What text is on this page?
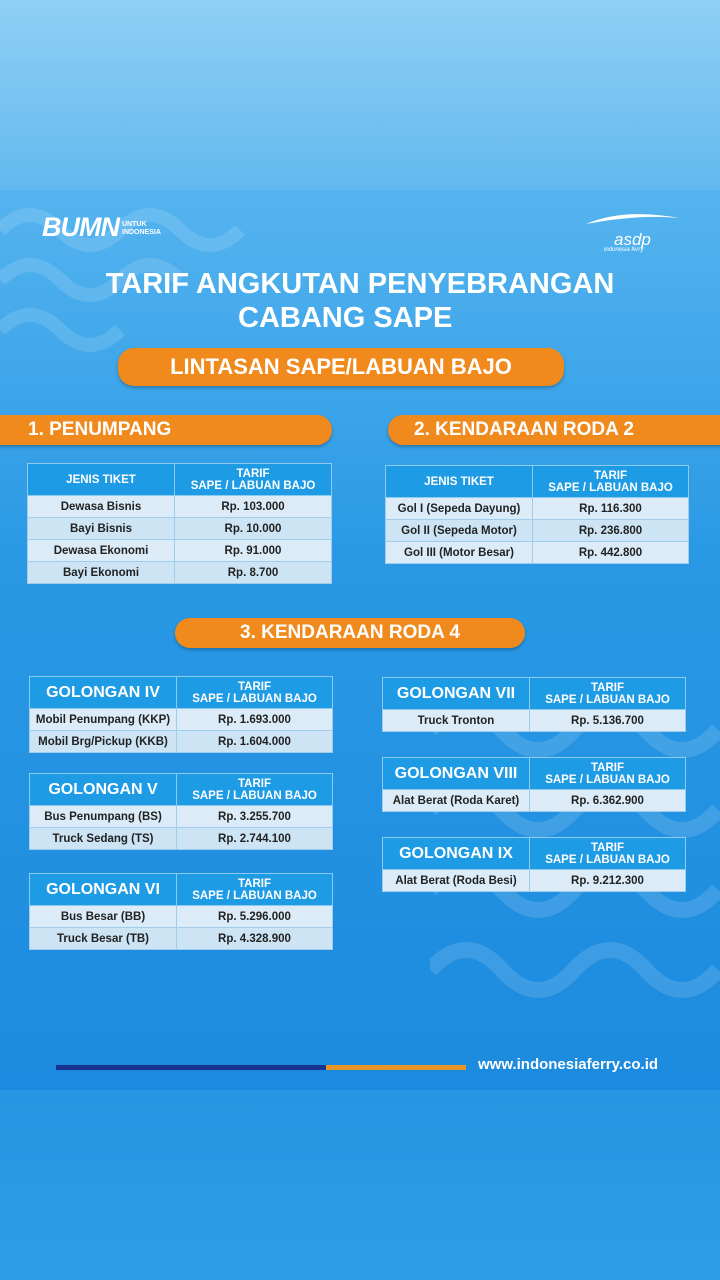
BUMN UNTUK
INDONESIA	asdp
indonesia ferry
TARIF ANGKUTAN PENYEBRANGAN
CABANG SAPE
LINTASAN SAPE/LABUAN BAJO
1. PENUMPANG	2. KENDARAAN RODA 2
3. KENDARAAN RODA 4
JENIS TIKET	TARIF
SAPE / LABUAN BAJO
Dewasa Bisnis	Rp. 103.000
Bayi Bisnis	Rp. 10.000
Dewasa Ekonomi	Rp. 91.000
Bayi Ekonomi	Rp. 8.700
JENIS TIKET	TARIF
SAPE / LABUAN BAJO
Gol I (Sepeda Dayung)	Rp. 116.300
Gol II (Sepeda Motor)	Rp. 236.800
Gol III (Motor Besar)	Rp. 442.800
GOLONGAN IV	TARIF
SAPE / LABUAN BAJO
Mobil Penumpang (KKP)	Rp. 1.693.000
Mobil Brg/Pickup (KKB)	Rp. 1.604.000
GOLONGAN V	TARIF
SAPE / LABUAN BAJO
Bus Penumpang (BS)	Rp. 3.255.700
Truck Sedang (TS)	Rp. 2.744.100
GOLONGAN VI	TARIF
SAPE / LABUAN BAJO
Bus Besar (BB)	Rp. 5.296.000
Truck Besar (TB)	Rp. 4.328.900
GOLONGAN VII	TARIF
SAPE / LABUAN BAJO
Truck Tronton	Rp. 5.136.700
GOLONGAN VIII	TARIF
SAPE / LABUAN BAJO
Alat Berat (Roda Karet)	Rp. 6.362.900
GOLONGAN IX	TARIF
SAPE / LABUAN BAJO
Alat Berat (Roda Besi)	Rp. 9.212.300
www.indonesiaferry.co.id
